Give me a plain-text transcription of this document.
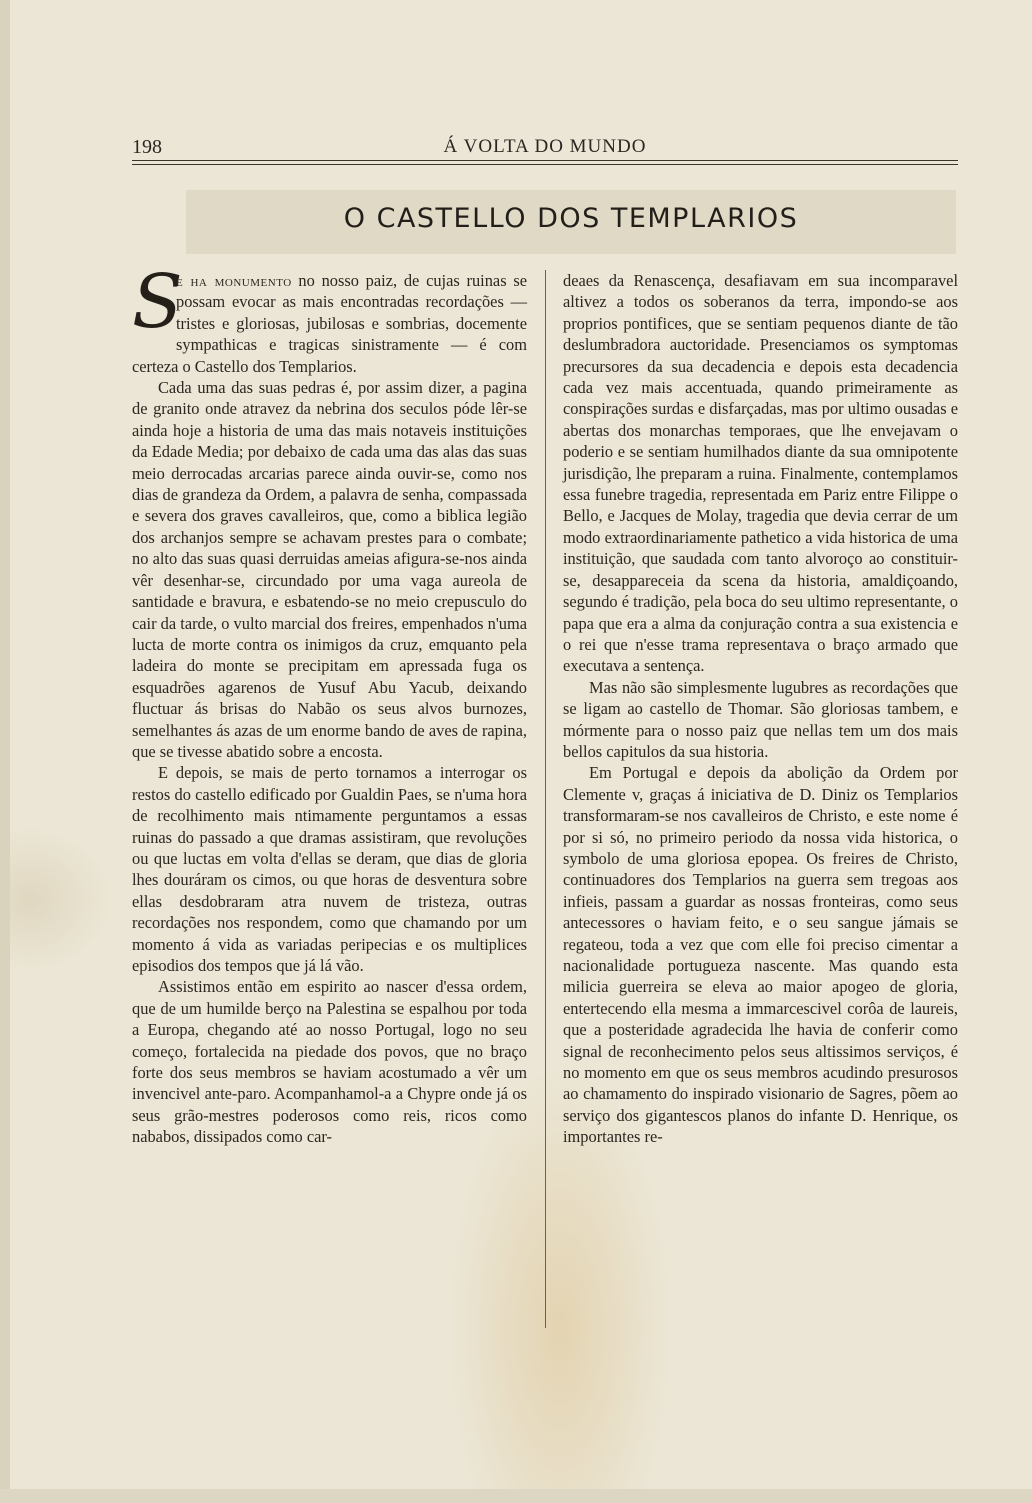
198	Á VOLTA DO MUNDO
O CASTELLO DOS TEMPLARIOS

S
e ha monumento no nosso paiz, de cujas ruinas se possam evocar as mais encontradas recordações — tristes e gloriosas, jubilosas e sombrias, docemente sympathicas e tragicas sinistramente — é com certeza o Castello dos Templarios.

Cada uma das suas pedras é, por assim dizer, a pagina de granito onde atravez da nebrina dos seculos póde lêr-se ainda hoje a historia de uma das mais notaveis instituições da Edade Media; por debaixo de cada uma das alas das suas meio derrocadas arcarias parece ainda ouvir-se, como nos dias de grandeza da Ordem, a palavra de senha, compassada e severa dos graves cavalleiros, que, como a biblica legião dos archanjos sempre se achavam prestes para o combate; no alto das suas quasi derruidas ameias afigura-se-nos ainda vêr desenhar-se, circundado por uma vaga aureola de santidade e bravura, e esbatendo-se no meio crepusculo do cair da tarde, o vulto marcial dos freires, empenhados n'uma lucta de morte contra os inimigos da cruz, emquanto pela ladeira do monte se precipitam em apressada fuga os esquadrões agarenos de Yusuf Abu Yacub, deixando fluctuar ás brisas do Nabão os seus alvos burnozes, semelhantes ás azas de um enorme bando de aves de rapina, que se tivesse abatido sobre a encosta.

E depois, se mais de perto tornamos a interrogar os restos do castello edificado por Gualdin Paes, se n'uma hora de recolhimento mais ntimamente perguntamos a essas ruinas do passado a que dramas assistiram, que revoluções ou que luctas em volta d'ellas se deram, que dias de gloria lhes douráram os cimos, ou que horas de desventura sobre ellas desdobraram atra nuvem de tristeza, outras recordações nos respondem, como que chamando por um momento á vida as variadas peripecias e os multiplices episodios dos tempos que já lá vão.

Assistimos então em espirito ao nascer d'essa ordem, que de um humilde berço na Palestina se espalhou por toda a Europa, chegando até ao nosso Portugal, logo no seu começo, fortalecida na piedade dos povos, que no braço forte dos seus membros se haviam acostumado a vêr um invencivel ante-paro. Acompanhamol-a a Chypre onde já os seus grão-mestres poderosos como reis, ricos como nababos, dissipados como car-

deaes da Renascença, desafiavam em sua incomparavel altivez a todos os soberanos da terra, impondo-se aos proprios pontifices, que se sentiam pequenos diante de tão deslumbradora auctoridade. Presenciamos os symptomas precursores da sua decadencia e depois esta decadencia cada vez mais accentuada, quando primeiramente as conspirações surdas e disfarçadas, mas por ultimo ousadas e abertas dos monarchas temporaes, que lhe envejavam o poderio e se sentiam humilhados diante da sua omnipotente jurisdição, lhe preparam a ruina. Finalmente, contemplamos essa funebre tragedia, representada em Pariz entre Filippe o Bello, e Jacques de Molay, tragedia que devia cerrar de um modo extraordinariamente pathetico a vida historica de uma instituição, que saudada com tanto alvoroço ao constituir-se, desappareceia da scena da historia, amaldiçoando, segundo é tradição, pela boca do seu ultimo representante, o papa que era a alma da conjuração contra a sua existencia e o rei que n'esse trama representava o braço armado que executava a sentença.

Mas não são simplesmente lugubres as recordações que se ligam ao castello de Thomar. São gloriosas tambem, e mórmente para o nosso paiz que nellas tem um dos mais bellos capitulos da sua historia.

Em Portugal e depois da abolição da Ordem por Clemente v, graças á iniciativa de D. Diniz os Templarios transformaram-se nos cavalleiros de Christo, e este nome é por si só, no primeiro periodo da nossa vida historica, o symbolo de uma gloriosa epopea. Os freires de Christo, continuadores dos Templarios na guerra sem tregoas aos infieis, passam a guardar as nossas fronteiras, como seus antecessores o haviam feito, e o seu sangue jámais se regateou, toda a vez que com elle foi preciso cimentar a nacionalidade portugueza nascente. Mas quando esta milicia guerreira se eleva ao maior apogeo de gloria, entertecendo ella mesma a immarcescivel corôa de laureis, que a posteridade agradecida lhe havia de conferir como signal de reconhecimento pelos seus altissimos serviços, é no momento em que os seus membros acudindo presurosos ao chamamento do inspirado visionario de Sagres, põem ao serviço dos gigantescos planos do infante D. Henrique, os importantes re-
